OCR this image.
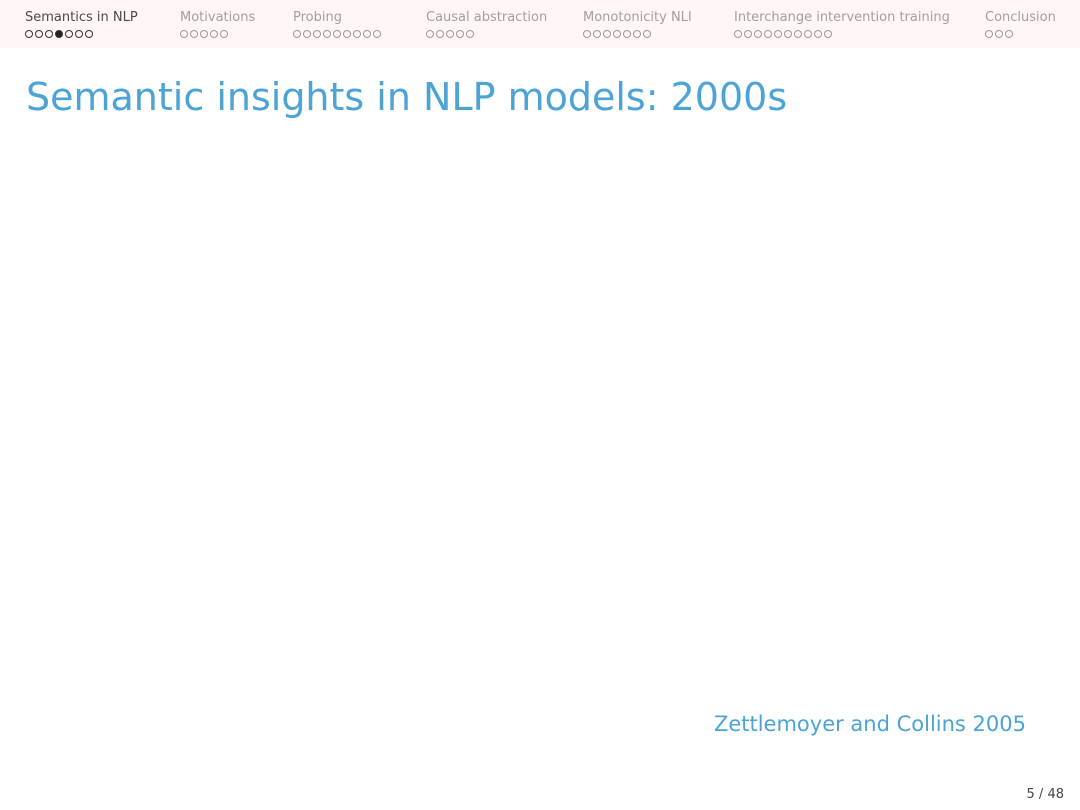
Semantics in NLP	Motivations	Probing	Causal abstraction	Monotonicity NLI	Interchange intervention training	Conclusion
Semantic insights in NLP models: 2000s
Zettlemoyer and Collins 2005
5 / 48
